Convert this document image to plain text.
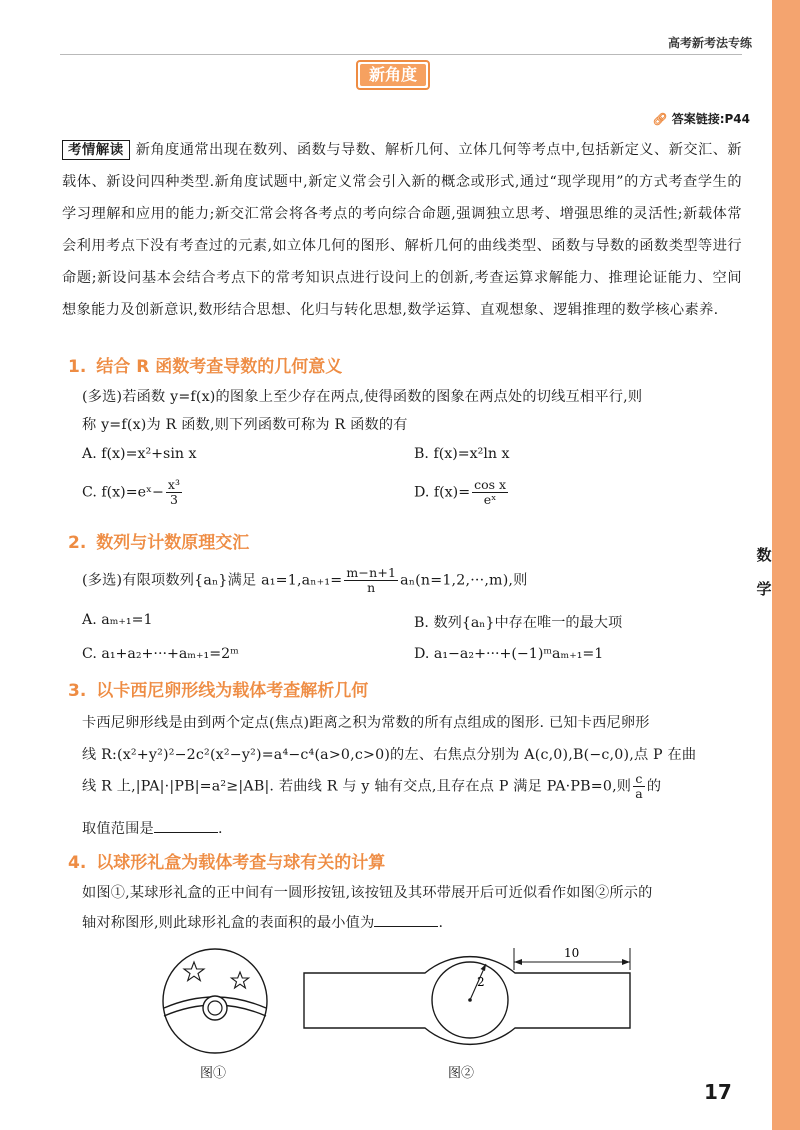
数学
高考新考法专练
新角度
🔗︎ 答案链接:P44
考情解读 新角度通常出现在数列、函数与导数、解析几何、立体几何等考点中,包括新定义、新交汇、新载体、新设问四种类型.新角度试题中,新定义常会引入新的概念或形式,通过“现学现用”的方式考查学生的学习理解和应用的能力;新交汇常会将各考点的考向综合命题,强调独立思考、增强思维的灵活性;新载体常会利用考点下没有考查过的元素,如立体几何的图形、解析几何的曲线类型、函数与导数的函数类型等进行命题;新设问基本会结合考点下的常考知识点进行设问上的创新,考查运算求解能力、推理论证能力、空间想象能力及创新意识,数形结合思想、化归与转化思想,数学运算、直观想象、逻辑推理的数学核心素养.
1. 结合 R 函数考查导数的几何意义
(多选)若函数 y=f(x)的图象上至少存在两点,使得函数的图象在两点处的切线互相平行,则
称 y=f(x)为 R 函数,则下列函数可称为 R 函数的有
A. f(x)=x²+sin x	B. f(x)=x²ln x
C. f(x)=eˣ− $\frac{\text{x³}}{3}$	D. $f(x)= \frac{\text{cos x}}{\text{eˣ}}$
2. 数列与计数原理交汇
(多选)有限项数列{aₙ}满足 $a_1=1,a_{n+1}= \frac{m-n+1}{n} a_n(n=1,2,\cdot\cdot\cdot,m)$,则
A. aₘ₊₁=1	B. 数列{aₙ}中存在唯一的最大项
C. a₁+a₂+···+aₘ₊₁=2ᵐ	D. a₁−a₂+···+(−1)ᵐaₘ₊₁=1
3. 以卡西尼卵形线为载体考查解析几何
卡西尼卵形线是由到两个定点(焦点)距离之积为常数的所有点组成的图形. 已知卡西尼卵形
线 R:(x²+y²)²−2c²(x²−y²)=a⁴−c⁴(a>0,c>0)的左、右焦点分别为 A(c,0),B(−c,0),点 P 在曲
线 R 上,|PA|·|PB|=a²≥|AB|. 若曲线 R 与 y 轴有交点,且存在点 P 满足 PA·PB=0,则 $\frac{c}{a}$ 的
取值范围是	.
4. 以球形礼盒为载体考查与球有关的计算
如图①,某球形礼盒的正中间有一圆形按钮,该按钮及其环带展开后可近似看作如图②所示的
轴对称图形,则此球形礼盒的表面积的最小值为	.
2
10
图①	图②
17
